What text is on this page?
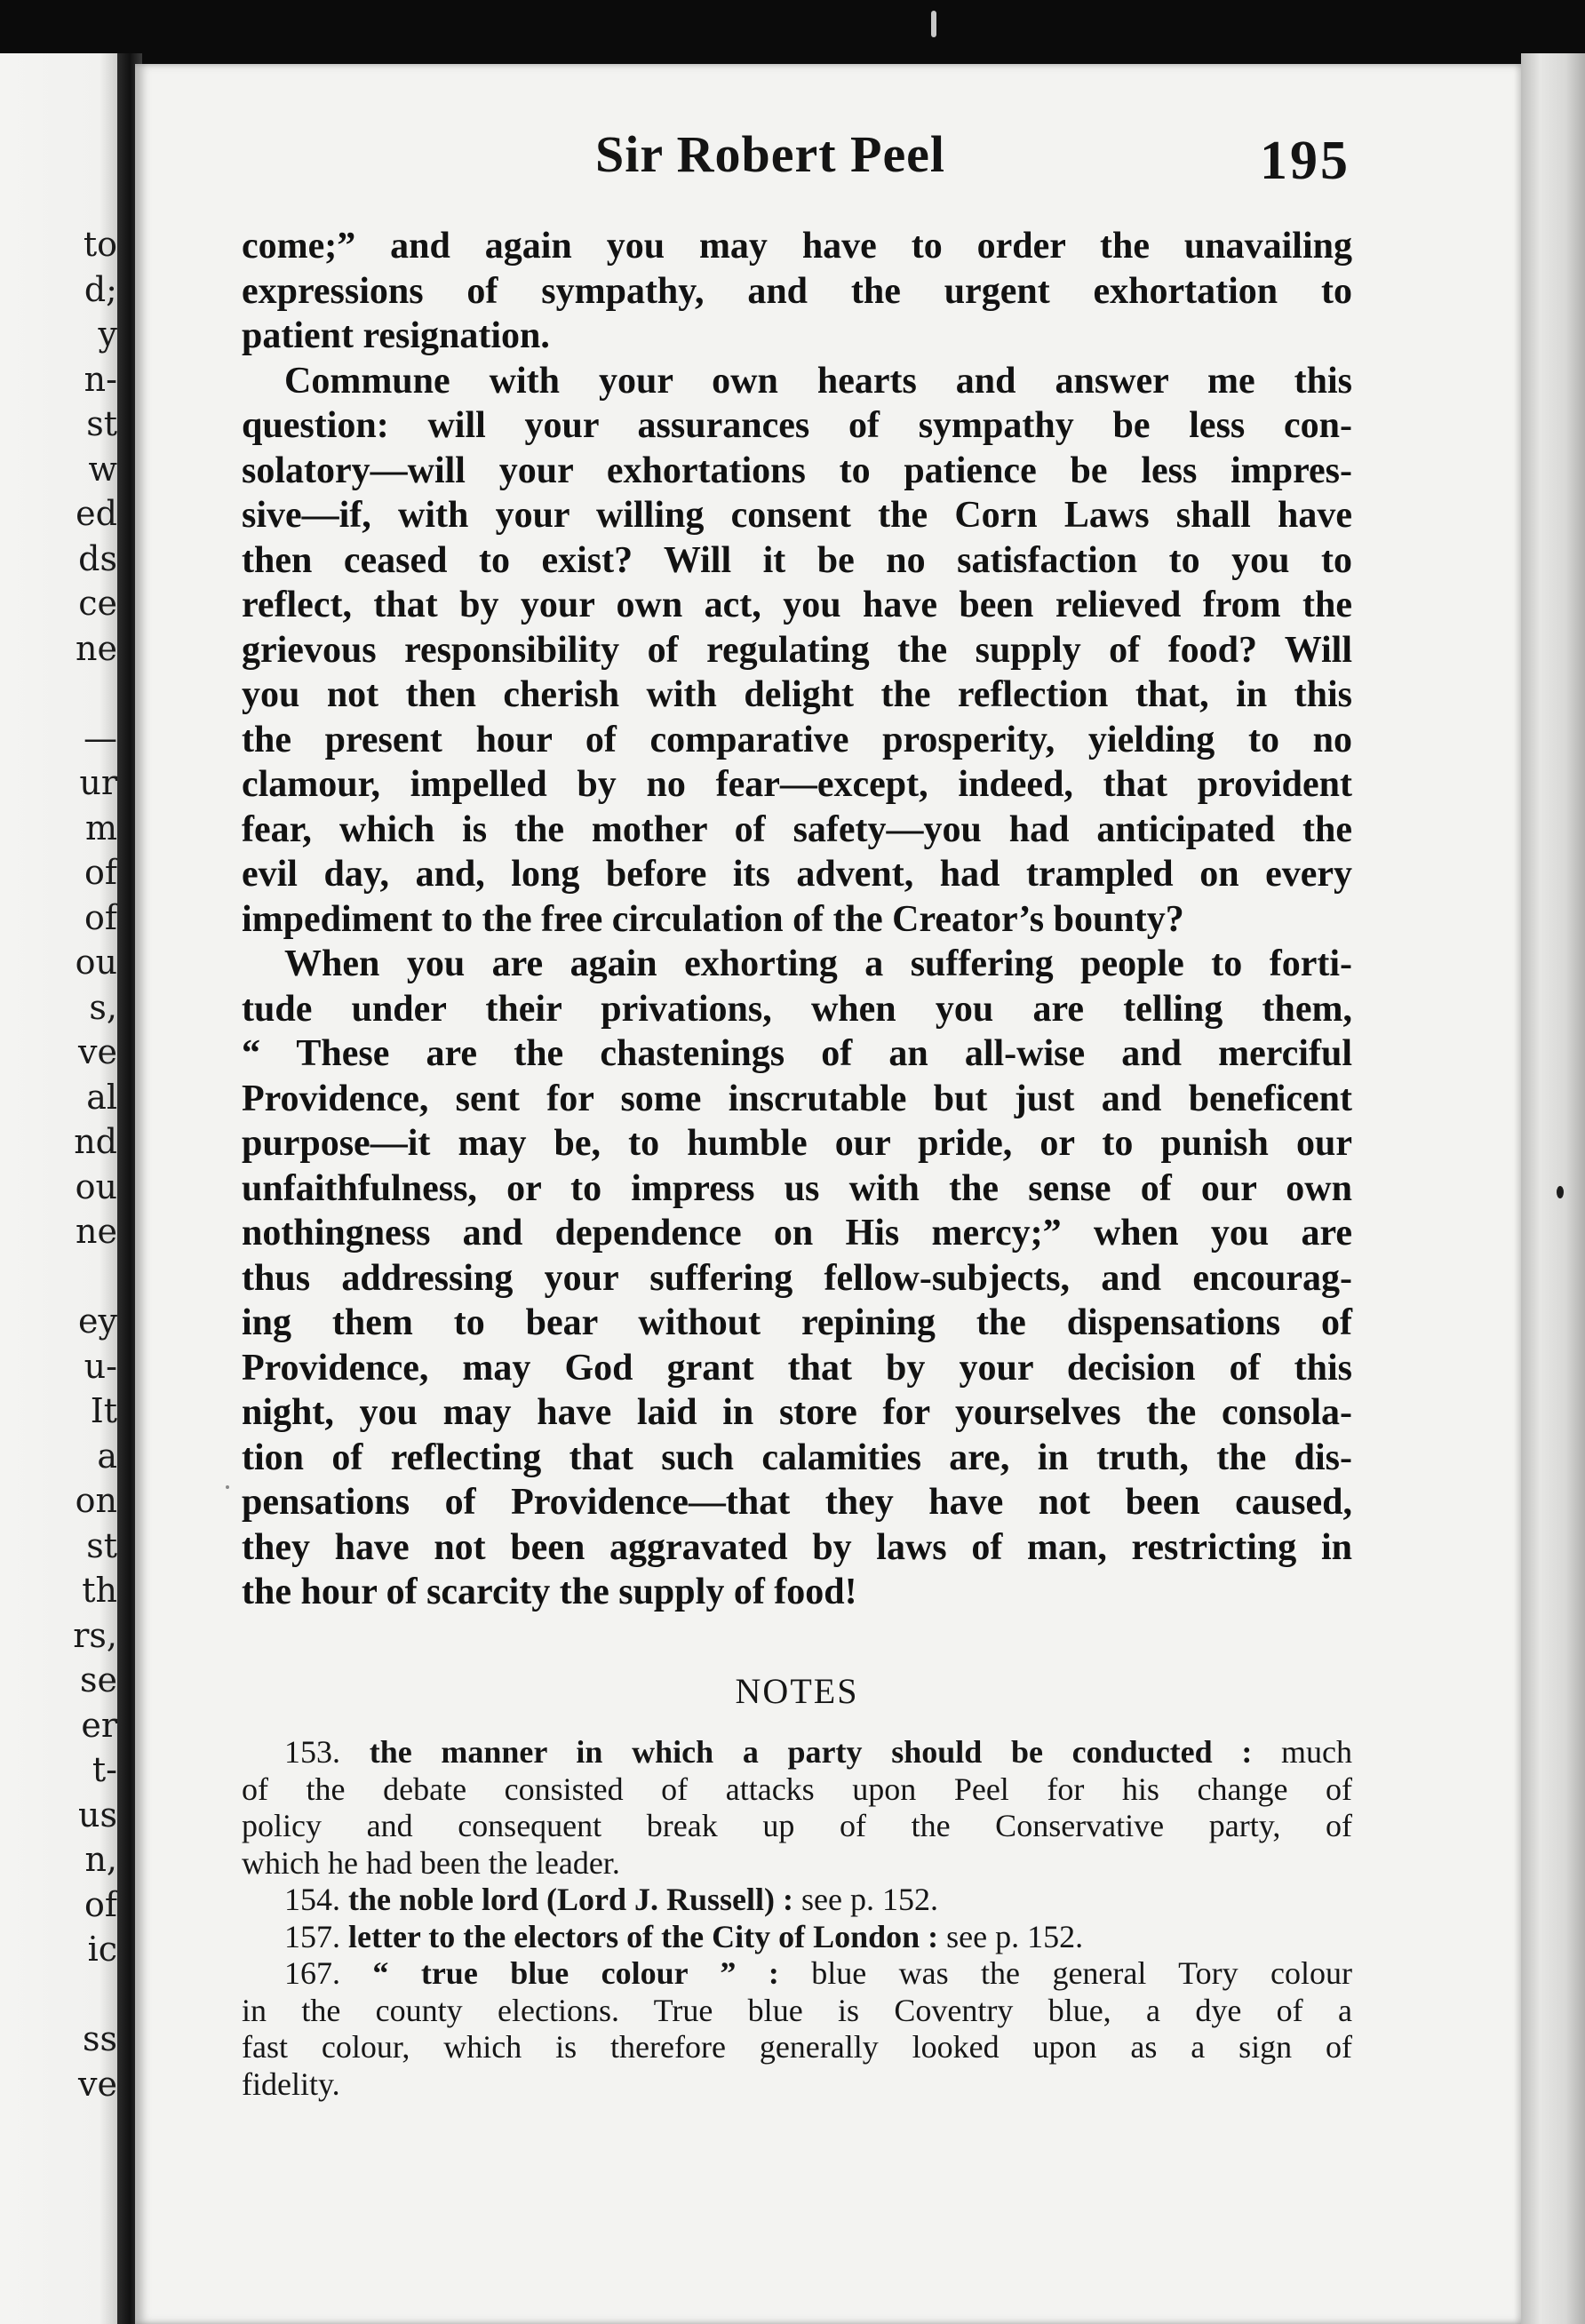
to
d;
y
n-
st
w
ed
ds
ce
ne
—
ur
m
of
of
ou
s,
ve
al
nd
ou
ne
ey
u-
It
a
on
st
th
rs,
se
er
t-
us
n,
of
ic
ss
ve
Sir Robert Peel	195
come;” and again you may have to order the unavailing
expressions of sympathy, and the urgent exhortation to
patient resignation.
Commune with your own hearts and answer me this
question: will your assurances of sympathy be less con-
solatory—will your exhortations to patience be less impres-
sive—if, with your willing consent the Corn Laws shall have
then ceased to exist? Will it be no satisfaction to you to
reflect, that by your own act, you have been relieved from the
grievous responsibility of regulating the supply of food? Will
you not then cherish with delight the reflection that, in this
the present hour of comparative prosperity, yielding to no
clamour, impelled by no fear—except, indeed, that provident
fear, which is the mother of safety—you had anticipated the
evil day, and, long before its advent, had trampled on every
impediment to the free circulation of the Creator’s bounty?
When you are again exhorting a suffering people to forti-
tude under their privations, when you are telling them,
“ These are the chastenings of an all-wise and merciful
Providence, sent for some inscrutable but just and beneficent
purpose—it may be, to humble our pride, or to punish our
unfaithfulness, or to impress us with the sense of our own
nothingness and dependence on His mercy;” when you are
thus addressing your suffering fellow-subjects, and encourag-
ing them to bear without repining the dispensations of
Providence, may God grant that by your decision of this
night, you may have laid in store for yourselves the consola-
tion of reflecting that such calamities are, in truth, the dis-
pensations of Providence—that they have not been caused,
they have not been aggravated by laws of man, restricting in
the hour of scarcity the supply of food!
NOTES
153. the manner in which a party should be conducted : much
of the debate consisted of attacks upon Peel for his change of
policy and consequent break up of the Conservative party, of
which he had been the leader.
154. the noble lord (Lord J. Russell) : see p. 152.
157. letter to the electors of the City of London : see p. 152.
167. “ true blue colour ” : blue was the general Tory colour
in the county elections. True blue is Coventry blue, a dye of a
fast colour, which is therefore generally looked upon as a sign of
fidelity.
